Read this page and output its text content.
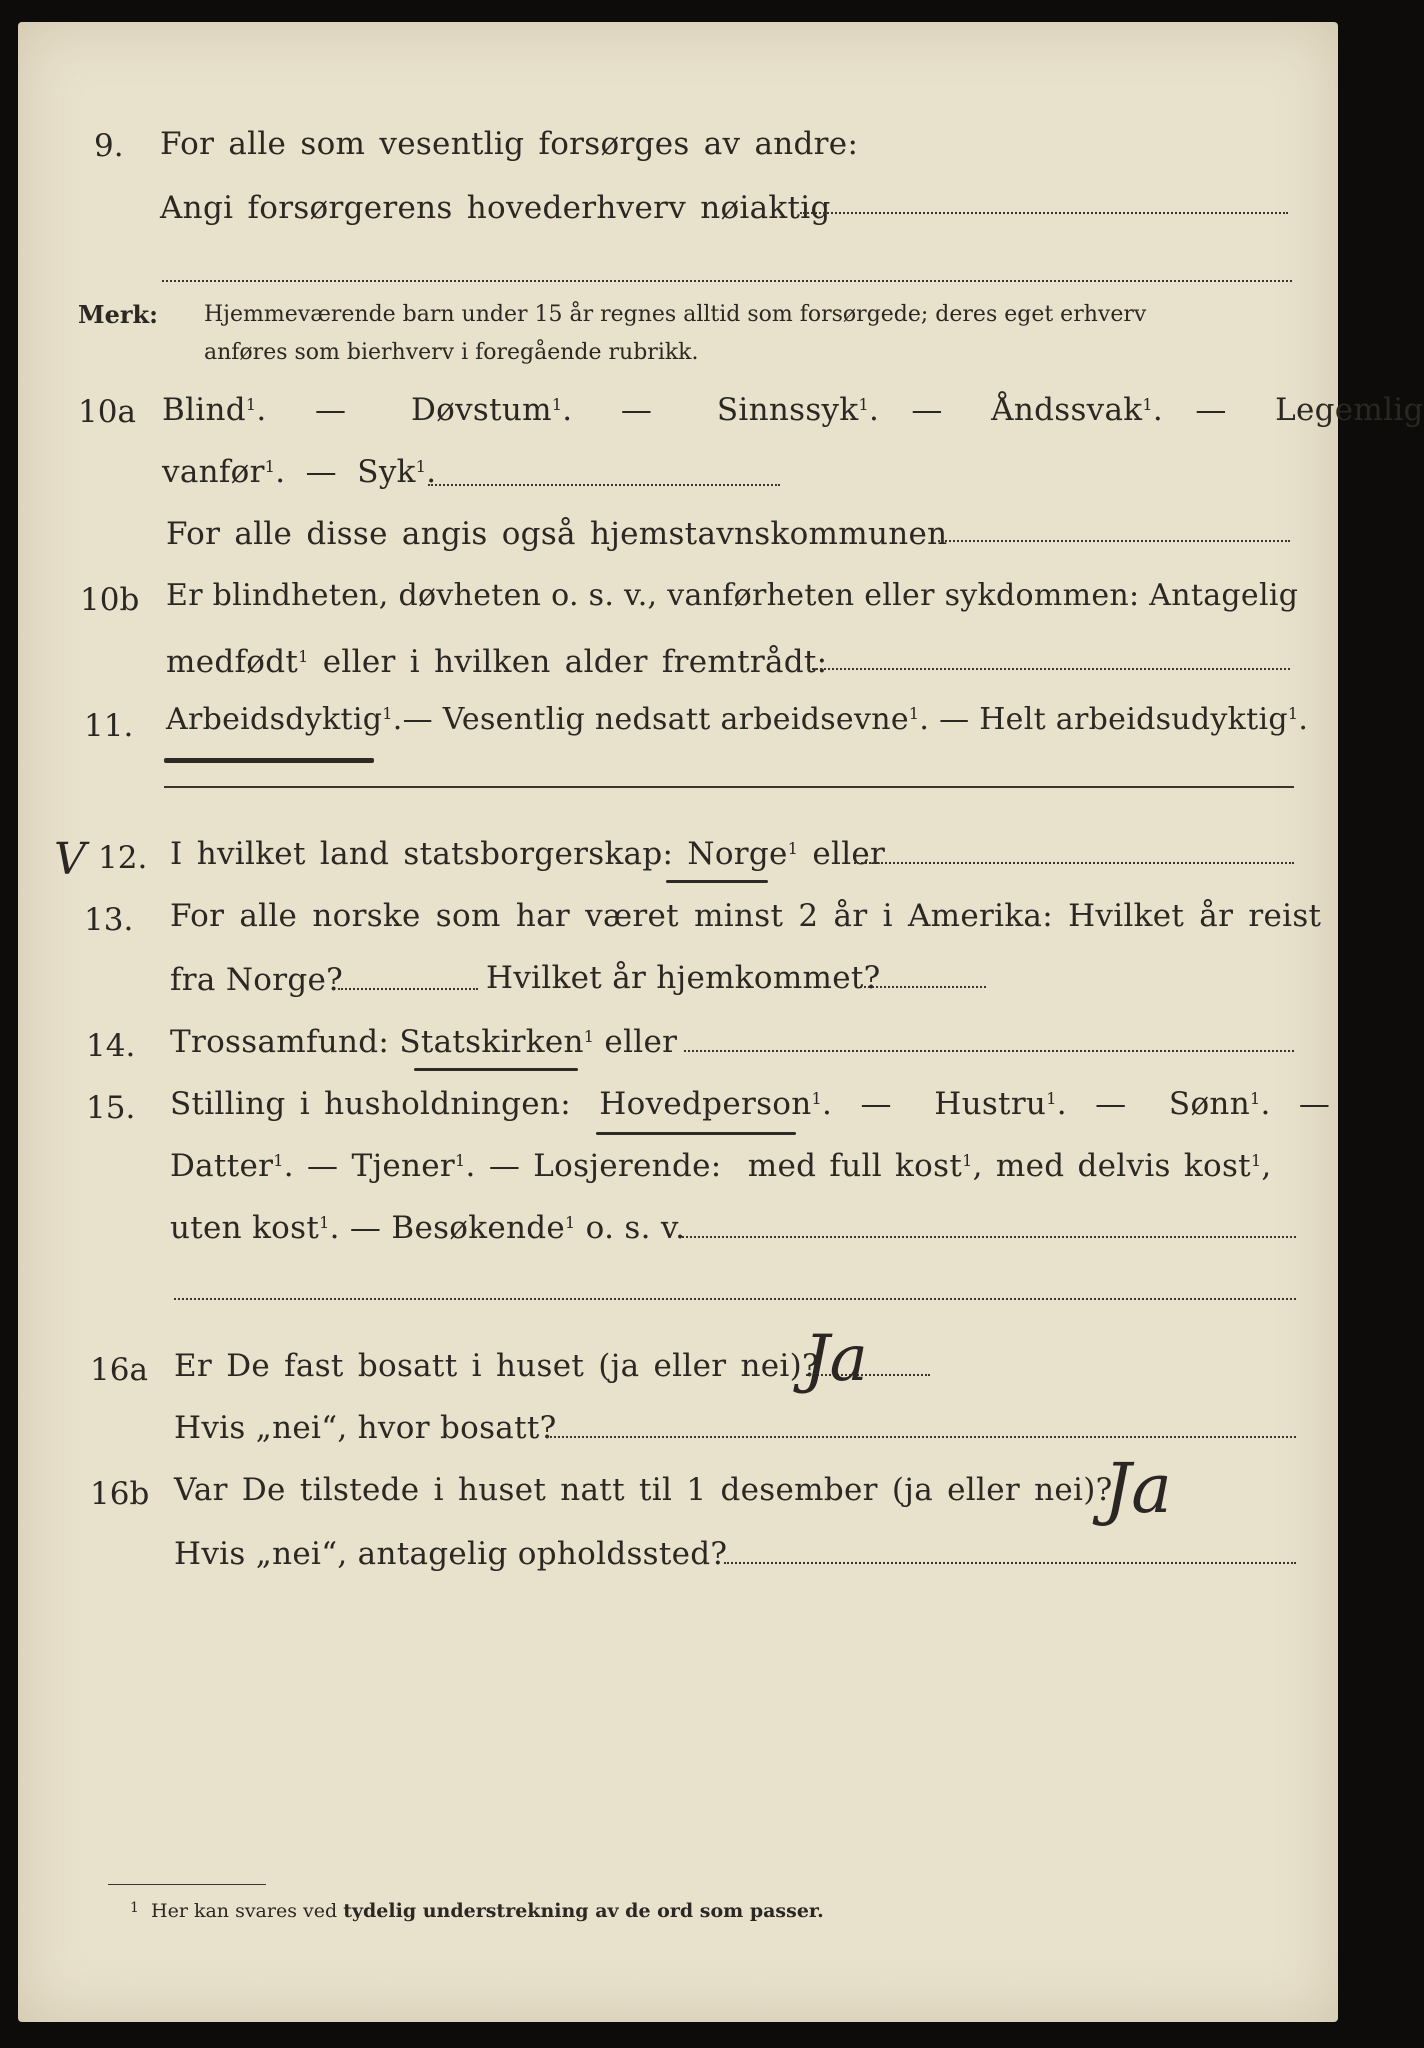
9. For alle som vesentlig forsørges av andre:
Angi forsørgerens hovederhverv nøiaktig
Merk: Hjemmeværende barn under 15 år regnes alltid som forsørgede; deres eget erhverv
anføres som bierhverv i foregående rubrikk.
10a Blind$^1$.   —    Døvstum$^1$.   —    Sinnssyk$^1$.  —   Åndssvak$^1$.  —   Legemlig
vanfør$^1$.  —  Syk$^1$.
For alle disse angis også hjemstavnskommunen
10b Er blindheten, døvheten o. s. v., vanførheten eller sykdommen: Antagelig
medfødt$^1$ eller i hvilken alder fremtrådt:
11. Arbeidsdyktig$^1$.— Vesentlig nedsatt arbeidsevne$^1$. — Helt arbeidsudyktig$^1$.
V 12. I hvilket land statsborgerskap: Norge$^1$ eller
13. For alle norske som har været minst 2 år i Amerika: Hvilket år reist
fra Norge?	Hvilket år hjemkommet?
14. Trossamfund: Statskirken$^1$ eller
15. Stilling i husholdningen:  Hovedperson$^1$.  —   Hustru$^1$.  —   Sønn$^1$.  —
Datter$^1$. — Tjener$^1$. — Losjerende: med full kost$^1$, med delvis kost$^1$,
uten kost$^1$. — Besøkende$^1$ o. s. v.
16a Er De fast bosatt i huset (ja eller nei)?
Ja
Hvis „nei“, hvor bosatt?
16b Var De tilstede i huset natt til 1 desember (ja eller nei)?
Ja
Hvis „nei“, antagelig opholdssted?
$^1$ Her kan svares ved tydelig understrekning av de ord som passer.
